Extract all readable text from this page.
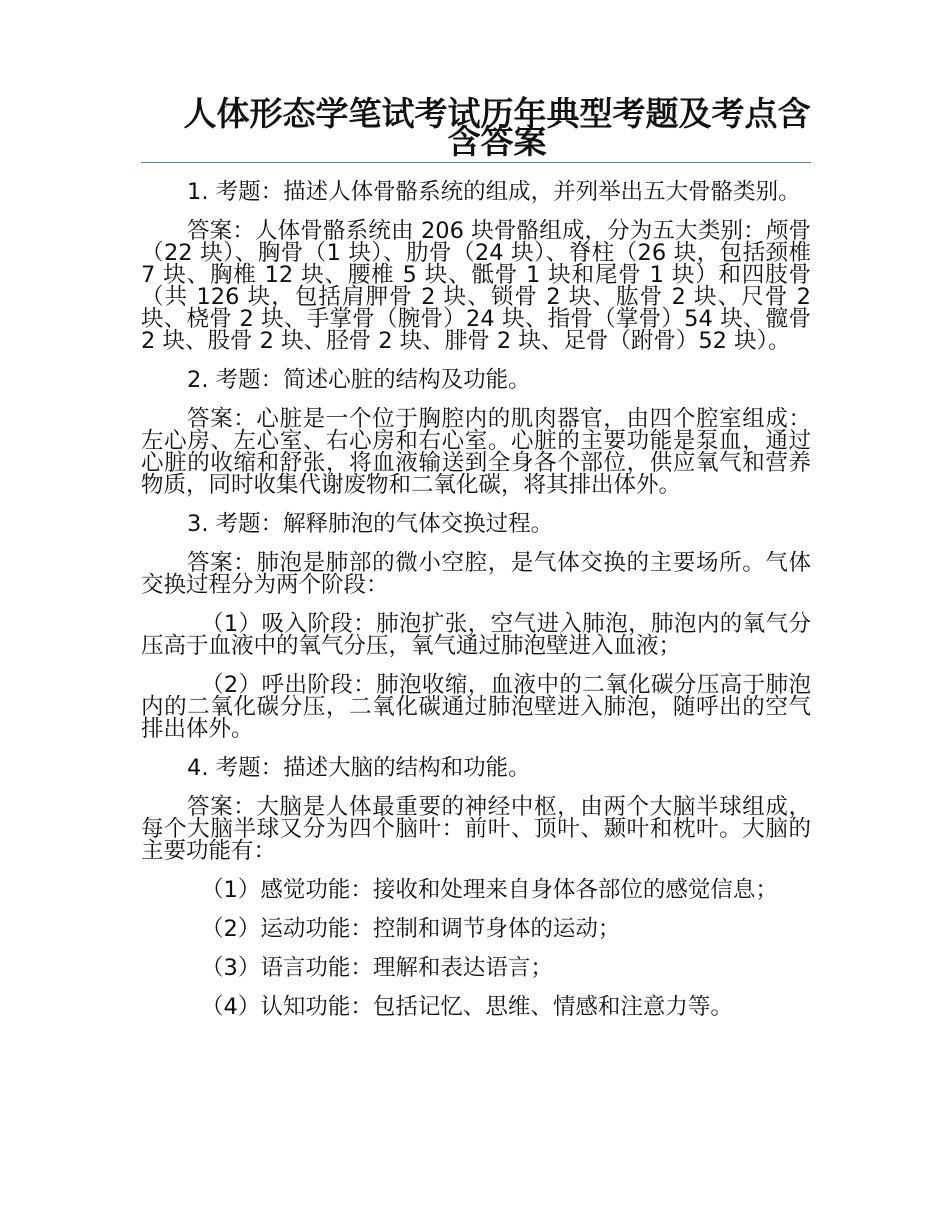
人体形态学笔试考试历年典型考题及考点含含答案

1. 考题：描述人体骨骼系统的组成，并列举出五大骨骼类别。

答案：人体骨骼系统由 206 块骨骼组成，分为五大类别：颅骨（22 块）、胸骨（1 块）、肋骨（24 块）、脊柱（26 块，包括颈椎 7 块、胸椎 12 块、腰椎 5 块、骶骨 1 块和尾骨 1 块）和四肢骨（共 126 块，包括肩胛骨 2 块、锁骨 2 块、肱骨 2 块、尺骨 2 块、桡骨 2 块、手掌骨（腕骨）24 块、指骨（掌骨）54 块、髋骨 2 块、股骨 2 块、胫骨 2 块、腓骨 2 块、足骨（跗骨）52 块）。

2. 考题：简述心脏的结构及功能。

答案：心脏是一个位于胸腔内的肌肉器官，由四个腔室组成：左心房、左心室、右心房和右心室。心脏的主要功能是泵血，通过心脏的收缩和舒张，将血液输送到全身各个部位，供应氧气和营养物质，同时收集代谢废物和二氧化碳，将其排出体外。

3. 考题：解释肺泡的气体交换过程。

答案：肺泡是肺部的微小空腔，是气体交换的主要场所。气体交换过程分为两个阶段：

（1）吸入阶段：肺泡扩张，空气进入肺泡，肺泡内的氧气分压高于血液中的氧气分压，氧气通过肺泡壁进入血液；

（2）呼出阶段：肺泡收缩，血液中的二氧化碳分压高于肺泡内的二氧化碳分压，二氧化碳通过肺泡壁进入肺泡，随呼出的空气排出体外。

4. 考题：描述大脑的结构和功能。

答案：大脑是人体最重要的神经中枢，由两个大脑半球组成，每个大脑半球又分为四个脑叶：前叶、顶叶、颞叶和枕叶。大脑的主要功能有：

（1）感觉功能：接收和处理来自身体各部位的感觉信息；

（2）运动功能：控制和调节身体的运动；

（3）语言功能：理解和表达语言；

（4）认知功能：包括记忆、思维、情感和注意力等。
